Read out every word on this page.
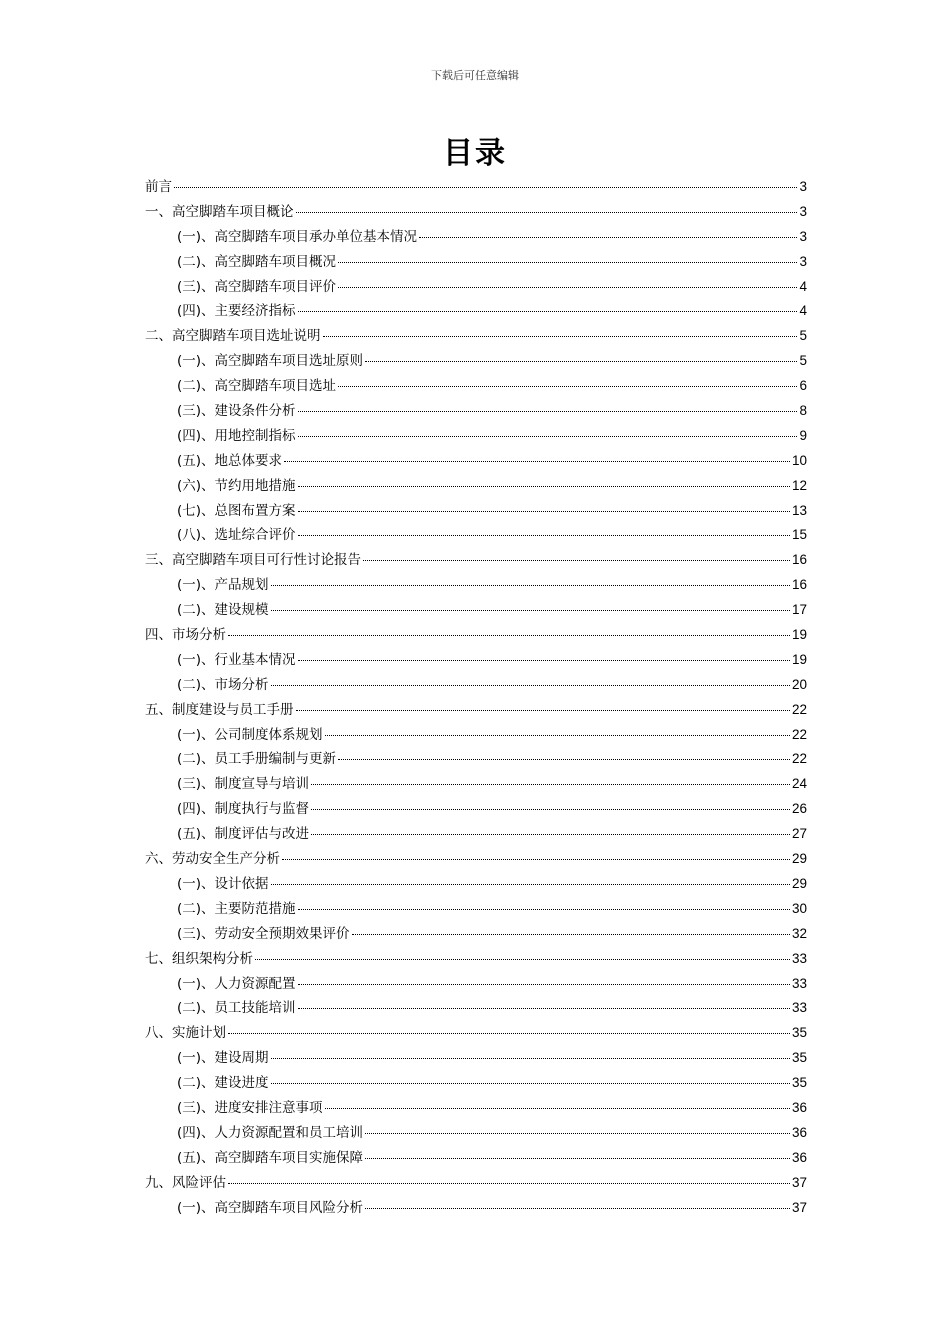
下载后可任意编辑
目录
前言	3
一、高空脚踏车项目概论	3
(一)、高空脚踏车项目承办单位基本情况	3
(二)、高空脚踏车项目概况	3
(三)、高空脚踏车项目评价	4
(四)、主要经济指标	4
二、高空脚踏车项目选址说明	5
(一)、高空脚踏车项目选址原则	5
(二)、高空脚踏车项目选址	6
(三)、建设条件分析	8
(四)、用地控制指标	9
(五)、地总体要求	10
(六)、节约用地措施	12
(七)、总图布置方案	13
(八)、选址综合评价	15
三、高空脚踏车项目可行性讨论报告	16
(一)、产品规划	16
(二)、建设规模	17
四、市场分析	19
(一)、行业基本情况	19
(二)、市场分析	20
五、制度建设与员工手册	22
(一)、公司制度体系规划	22
(二)、员工手册编制与更新	22
(三)、制度宣导与培训	24
(四)、制度执行与监督	26
(五)、制度评估与改进	27
六、劳动安全生产分析	29
(一)、设计依据	29
(二)、主要防范措施	30
(三)、劳动安全预期效果评价	32
七、组织架构分析	33
(一)、人力资源配置	33
(二)、员工技能培训	33
八、实施计划	35
(一)、建设周期	35
(二)、建设进度	35
(三)、进度安排注意事项	36
(四)、人力资源配置和员工培训	36
(五)、高空脚踏车项目实施保障	36
九、风险评估	37
(一)、高空脚踏车项目风险分析	37
